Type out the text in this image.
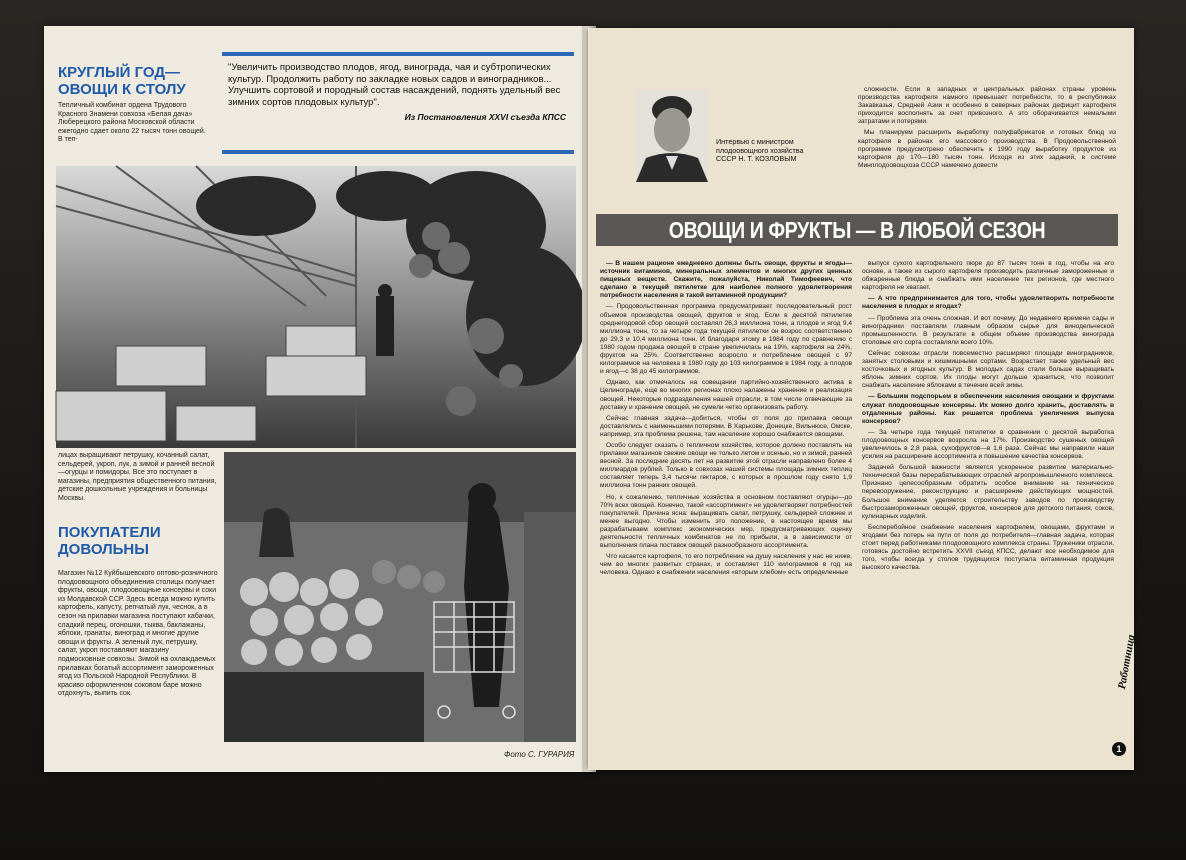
КРУГЛЫЙ ГОД—ОВОЩИ К СТОЛУ
Тепличный комбинат ордена Трудового Красного Знамени совхоза «Белая дача» Люберецкого района Московской области ежегодно сдает около 22 тысяч тонн овощей. В теп-

"Увеличить производство плодов, ягод, винограда, чая и субтропических культур. Продолжить работу по закладке новых садов и виноградников... Улучшить сортовой и породный состав насаждений, поднять удельный вес зимних сортов плодовых культур".

Из Постановления XXVI съезда КПСС

лицах выращивают петрушку, кочанный салат, сельдерей, укроп, лук, а зимой и ранней весной—огурцы и помидоры. Все это поступает в магазины, предприятия общественного питания, детские дошкольные учреждения и больницы Москвы.
ПОКУПАТЕЛИ ДОВОЛЬНЫ
Магазин №12 Куйбышевского оптово-розничного плодоовощного объединения столицы получает фрукты, овощи, плодоовощные консервы и соки из Молдавской ССР. Здесь всегда можно купить картофель, капусту, репчатый лук, чеснок, а в сезон на прилавки магазина поступают кабачки, сладкий перец, огоношки, тыква, баклажаны, яблоки, гранаты, виноград и многие другие овощи и фрукты. А зеленый лук, петрушку, салат, укроп поставляют магазину подмосковные совхозы. Зимой на охлаждаемых прилавках богатый ассортимент замороженных ягод из Польской Народной Республики. В красиво оформленном соковом баре можно отдохнуть, выпить сок.
Фото С. ГУРАРИЯ
Интервью с министром плодоовощного хозяйства СССР Н. Т. КОЗЛОВЫМ

сложности. Если в западных и центральных районах страны уровень производства картофеля намного превышает потребности, то в республиках Закавказья, Средней Азии и особенно в северных районах дефицит картофеля приходится восполнять за счет привозного. А это оборачивается немалыми затратами и потерями.

Мы планируем расширить выработку полуфабрикатов и готовых блюд из картофеля в районах его массового производства. В Продовольственной программе предусмотрено обеспечить к 1990 году выработку продуктов из картофеля до 170—180 тысяч тонн. Исходя из этих заданий, в системе Минплодоовощхоза СССР намечено довести

ОВОЩИ И ФРУКТЫ — В ЛЮБОЙ СЕЗОН

— В нашем рационе ежедневно должны быть овощи, фрукты и ягоды—источник витаминов, минеральных элементов и многих других ценных пищевых веществ. Скажите, пожалуйста, Николай Тимофеевич, что сделано в текущей пятилетке для наиболее полного удовлетворения потребности населения в такой витаминной продукции?

— Продовольственная программа предусматривает последовательный рост объемов производства овощей, фруктов и ягод. Если в десятой пятилетке среднегодовой сбор овощей составлял 26,3 миллиона тонн, а плодов и ягод 9,4 миллиона тонн, то за четыре года текущей пятилетки он возрос соответственно до 29,3 и 10,4 миллиона тонн. И благодаря этому в 1984 году по сравнению с 1980 годом продажа овощей в стране увеличилась на 19%, картофеля на 24%, фруктов на 25%. Соответственно возросло и потребление овощей с 97 килограммов на человека в 1980 году до 103 килограммов в 1984 году, а плодов и ягод—с 38 до 45 килограммов.

Однако, как отмечалось на совещании партийно-хозяйственного актива в Целинограде, еще во многих регионах плохо налажены хранение и реализация овощей. Некоторые подразделения нашей отрасли, в том числе отвечающие за доставку и хранение овощей, не сумели четко организовать работу.

Сейчас главная задача—добиться, чтобы от поля до прилавка овощи доставлялись с наименьшими потерями. В Харькове, Донецке, Вильнюсе, Омске, например, эта проблема решена, там население хорошо снабжается овощами.

Особо следует сказать о тепличном хозяйстве, которое должно поставлять на прилавки магазинов свежие овощи не только летом и осенью, но и зимой, ранней весной. За последние десять лет на развитие этой отрасли направлено более 4 миллиардов рублей. Только в совхозах нашей системы площадь зимних теплиц составляет теперь 3,4 тысячи гектаров, с которых в прошлом году снято 1,9 миллиона тонн ранних овощей.

Но, к сожалению, тепличные хозяйства в основном поставляют огурцы—до 70% всех овощей. Конечно, такой «ассортимент» не удовлетворяет потребностей покупателей. Причина ясна: выращивать салат, петрушку, сельдерей сложнее и менее выгодно. Чтобы изменить это положение, в настоящее время мы разрабатываем комплекс экономических мер, предусматривающих оценку деятельности тепличных комбинатов не по прибыли, а в зависимости от выполнения плана поставок овощей разнообразного ассортимента.

Что касается картофеля, то его потребление на душу населения у нас не ниже, чем во многих развитых странах, и составляет 110 килограммов в год на человека. Однако в снабжении населения «вторым хлебом» есть определенные

выпуск сухого картофельного пюре до 87 тысяч тонн в год, чтобы на его основе, а также из сырого картофеля производить различные замороженные и обжаренные блюда и снабжать ими население тех регионов, где местного картофеля не хватает.

— А что предпринимается для того, чтобы удовлетворить потребности населения в плодах и ягодах?

— Проблема эта очень сложная. И вот почему. До недавнего времени сады и виноградники поставляли главным образом сырье для винодельческой промышленности. В результате в общем объеме производства винограда столовые его сорта составляли всего 10%.

Сейчас совхозы отрасли повсеместно расширяют площади виноградников, занятых столовыми и кишмишными сортами. Возрастает также удельный вес косточковых и ягодных культур. В молодых садах стали больше выращивать яблонь зимних сортов. Их плоды могут дольше храниться, что позволит снабжать население яблоками в течение всей зимы.

— Большим подспорьем в обеспечении населения овощами и фруктами служат плодоовощные консервы. Их можно долго хранить, доставлять в отдаленные районы. Как решается проблема увеличения выпуска консервов?

— За четыре года текущей пятилетки в сравнении с десятой выработка плодоовощных консервов возросла на 17%. Производство сушеных овощей увеличилось в 2,8 раза, сухофруктов—в 1,6 раза. Сейчас мы направили наши усилия на расширение ассортимента и повышение качества консервов.

Задачей большой важности является ускоренное развитие материально-технической базы перерабатывающих отраслей агропромышленного комплекса. Признано целесообразным обратить особое внимание на техническое перевооружение, реконструкцию и расширение действующих мощностей. Большое внимание уделяется строительству заводов по производству быстрозамороженных овощей, фруктов, консервов для детского питания, соков, кулинарных изделий.

Бесперебойное снабжение населения картофелем, овощами, фруктами и ягодами без потерь на пути от поля до потребителя—главная задача, которая стоит перед работниками плодоовощного комплекса страны. Труженики отрасли, готовясь достойно встретить XXVII съезд КПСС, делают все необходимое для того, чтобы всегда у столов трудящихся поступала витаминная продукция высокого качества.

Работница
1
